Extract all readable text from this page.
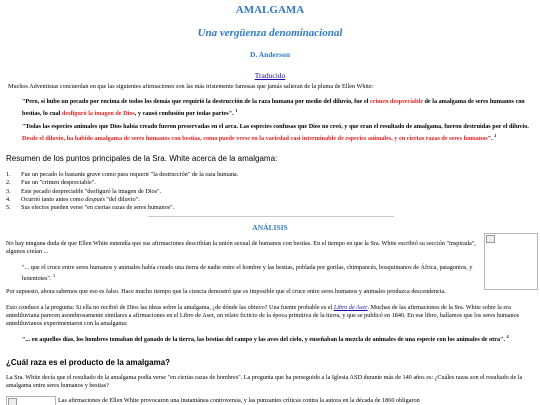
AMALGAMA
Una vergüenza denominacional
D. Anderson
Traducido

Muchos Adventistas concuerdan en que las siguientes afirmaciones son las más tristemente famosas que jamás salieran de la pluma de Ellen White:

"Pero, si hubo un pecado por encima de todos los demás que requirió la destrucción de la raza humana por medio del diluvio, fue el crimen despreciable de la amalgama de seres humanos con bestias, lo cual desfiguró la imagen de Dios, y causó confusión por todas partes". $^1$
"Todas las especies animales que Dios había creado fueron preservadas en el arca. Las especies confusas que Dios no creó, y que eran el resultado de amalgama, fueron destruidas por el diluvio. Desde el diluvio, ha habido amalgama de seres humanos con bestias, como puede verse en la variedad casi interminable de especies animales, y en ciertas razas de seres humanos". $^2$
Resumen de los puntos principales de la Sra. White acerca de la amalgama:
1. Fue un pecado lo bastante grave como para requerir "la destrucción" de la raza humana.
2. Fue un "crimen despreciable".
3. Este pecado despreciable "desfiguró la imagen de Dios".
4. Ocurrió tanto antes como después "del diluvio".
5. Sus efectos pueden verse "en ciertas razas de seres humanos".
ANÁLISIS
No hay ninguna duda de que Ellen White entendía que sus afirmaciones describían la unión sexual de humanos con bestias. En el tiempo en que la Sra. White escribió su sección "inspirada", algunos creían ...
"... que el cruce entre seres humanos y animales había creado una tierra de nadie entre el hombre y las bestias, poblada por gorilas, chimpancés, bosquimanos de África, patagonios, y hotentotes". $^3$
Por supuesto, ahora sabemos que eso es falso. Hace mucho tiempo que la ciencia demostró que es imposible que el cruce entre seres humanos y animales produzca descendencia.
Esto conduce a la pregunta: Si ella no recibió de Dios las ideas sobre la amalgama, ¿de dónde las obtuvo? Una fuente probable es el Libro de Aser. Muchas de las afirmaciones de la Sra. White sobre la era antediluviana parecen asombrosamente similares a afirmaciones en el Libro de Aser, un relato ficticio de la época primitiva de la tierra, y que se publicó en 1840. En ese libro, hallamos que los seres humanos antediluvianos experimentaron con la amalgama:
"... en aquellos días, los hombres tomaban del ganado de la tierra, las bestias del campo y las aves del cielo, y enseñaban la mezcla de animales de una especie con los animales de otra". $^4$
¿Cuál raza es el producto de la amalgama?
La Sra. White decía que el resultado de la amalgama podía verse "en ciertas razas de hombres". La pregunta que ha perseguido a la Iglesia ASD durante más de 140 años es: ¿Cuáles razas son el resultado de la amalgama entre seres humanos y bestias?
Las afirmaciones de Ellen White provocaron una instantánea controversia, y las punzantes críticas contra la autora en la década de 1860 obligaron
